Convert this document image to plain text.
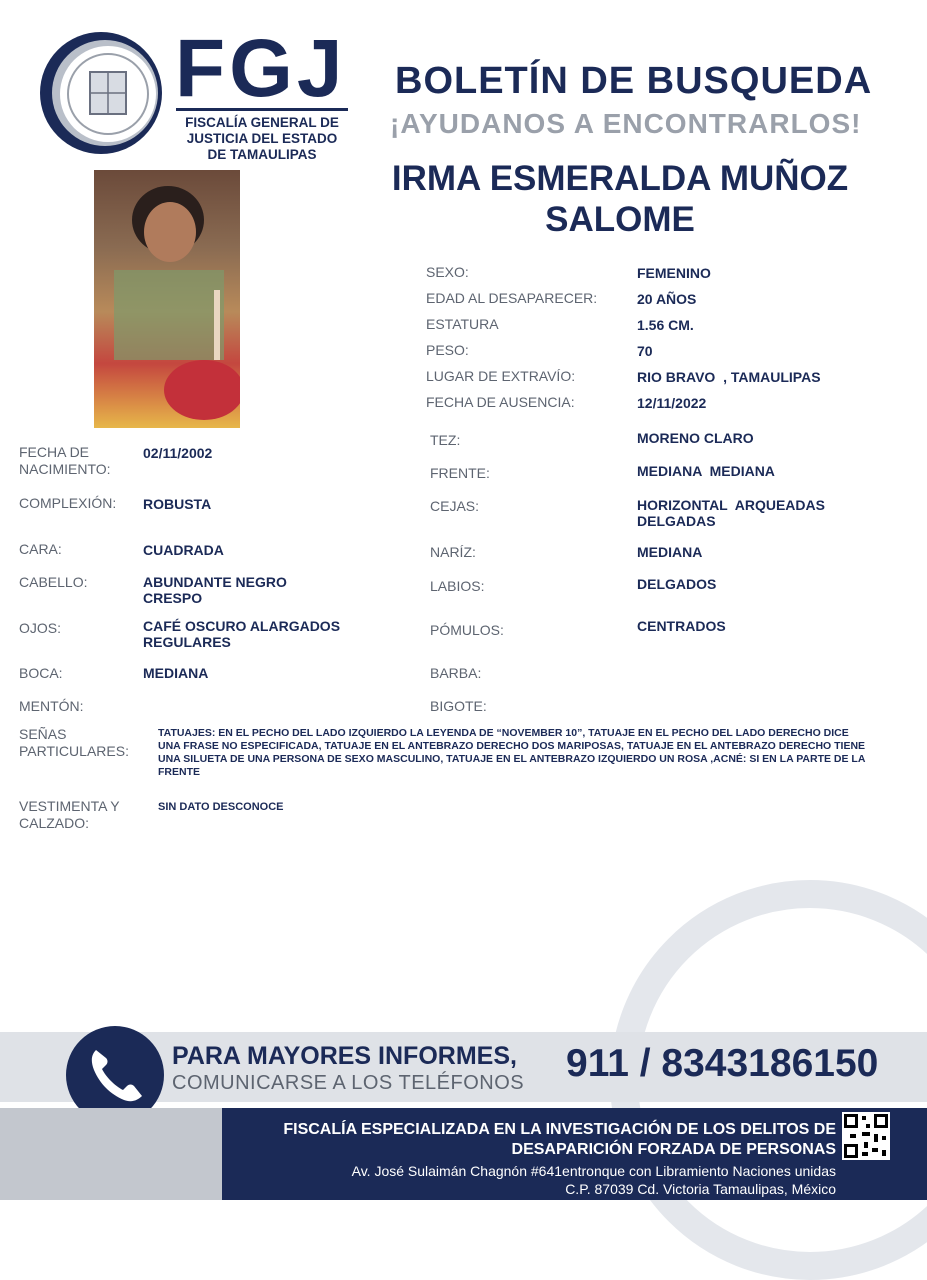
FGJ
FISCALÍA GENERAL DE
JUSTICIA DEL ESTADO
DE TAMAULIPAS
BOLETÍN DE BUSQUEDA
¡AYUDANOS A ENCONTRARLOS!
IRMA ESMERALDA MUÑOZ
SALOME
SEXO:	FEMENINO
EDAD AL DESAPARECER:	20 AÑOS
ESTATURA	1.56 CM.
PESO:	70
LUGAR DE EXTRAVÍO:	RIO BRAVO  , TAMAULIPAS
FECHA DE AUSENCIA:	12/11/2022
TEZ:	MORENO CLARO
FRENTE:	MEDIANA  MEDIANA
CEJAS:	HORIZONTAL  ARQUEADAS DELGADAS
NARÍZ:	MEDIANA
LABIOS:	DELGADOS
PÓMULOS:	CENTRADOS
BARBA:
BIGOTE:
FECHA DE NACIMIENTO:
02/11/2002
COMPLEXIÓN: ROBUSTA
CARA:	CUADRADA
CABELLO:	ABUNDANTE NEGRO CRESPO
OJOS:	CAFÉ OSCURO ALARGADOS REGULARES
BOCA:	MEDIANA
MENTÓN:
SEÑAS PARTICULARES:
TATUAJES: EN EL PECHO DEL LADO IZQUIERDO LA LEYENDA DE “NOVEMBER 10”, TATUAJE EN EL PECHO DEL LADO DERECHO DICE UNA FRASE NO ESPECIFICADA, TATUAJE EN EL ANTEBRAZO DERECHO DOS MARIPOSAS, TATUAJE EN EL ANTEBRAZO DERECHO TIENE UNA SILUETA DE UNA PERSONA DE SEXO MASCULINO, TATUAJE EN EL ANTEBRAZO IZQUIERDO UN ROSA ,ACNÉ: SI EN LA PARTE DE LA FRENTE
VESTIMENTA Y CALZADO:
SIN DATO DESCONOCE
PARA MAYORES INFORMES,
COMUNICARSE A LOS TELÉFONOS 911 / 8343186150
FISCALÍA ESPECIALIZADA EN LA INVESTIGACIÓN DE LOS DELITOS DE
DESAPARICIÓN FORZADA DE PERSONAS
Av. José Sulaimán Chagnón #641entronque con Libramiento Naciones unidas
C.P. 87039 Cd. Victoria Tamaulipas, México
